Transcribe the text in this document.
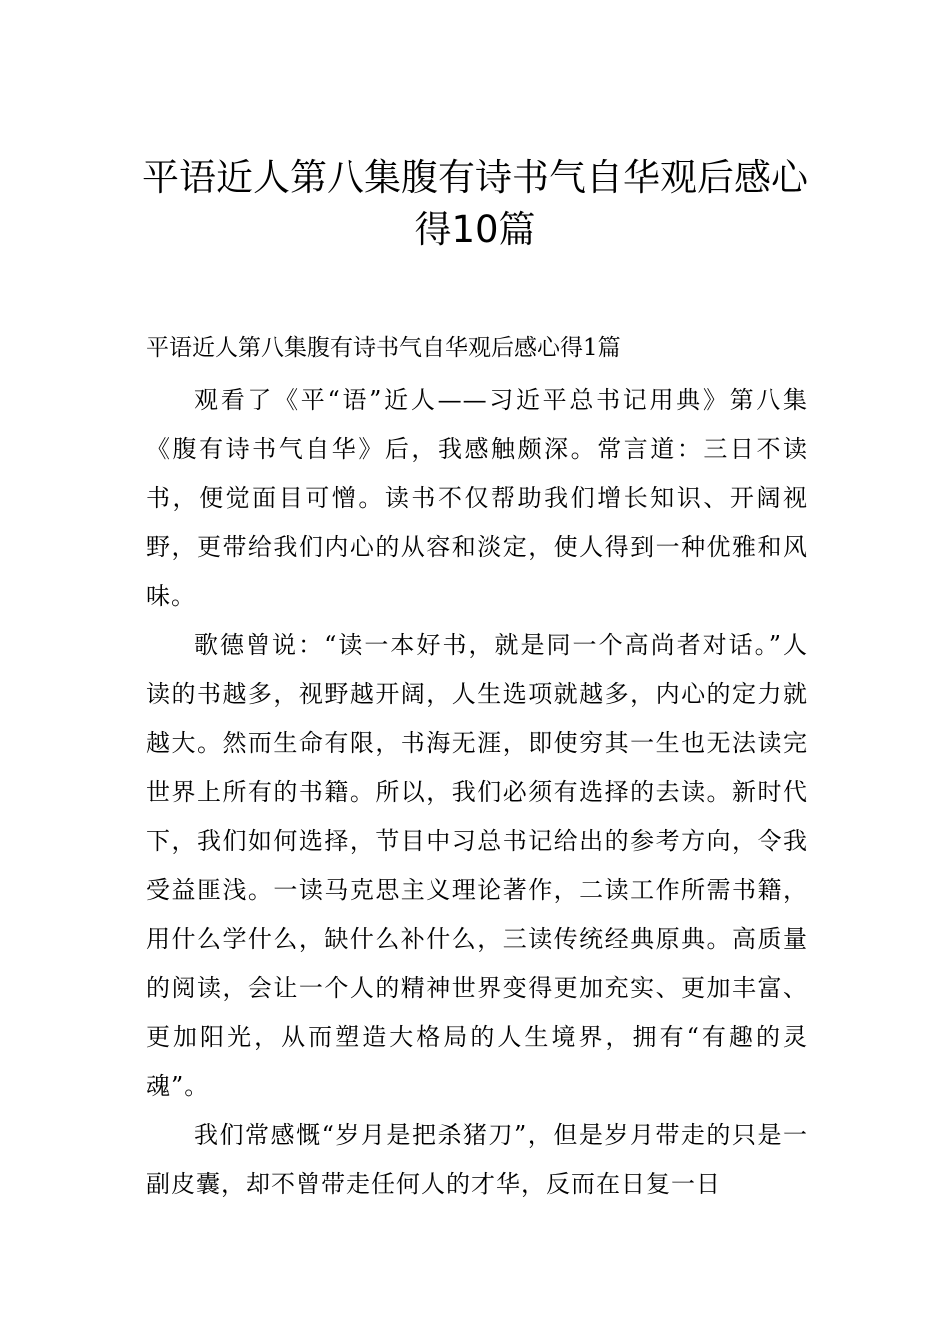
平语近人第八集腹有诗书气自华观后感心得10篇
平语近人第八集腹有诗书气自华观后感心得1篇

观看了《平“语”近人——习近平总书记用典》第八集《腹有诗书气自华》后，我感触颇深。常言道：三日不读书，便觉面目可憎。读书不仅帮助我们增长知识、开阔视野，更带给我们内心的从容和淡定，使人得到一种优雅和风味。

歌德曾说：“读一本好书，就是同一个高尚者对话。”人读的书越多，视野越开阔，人生选项就越多，内心的定力就越大。然而生命有限，书海无涯，即使穷其一生也无法读完世界上所有的书籍。所以，我们必须有选择的去读。新时代下，我们如何选择，节目中习总书记给出的参考方向，令我受益匪浅。一读马克思主义理论著作，二读工作所需书籍，用什么学什么，缺什么补什么，三读传统经典原典。高质量的阅读，会让一个人的精神世界变得更加充实、更加丰富、更加阳光，从而塑造大格局的人生境界，拥有“有趣的灵魂”。

我们常感慨“岁月是把杀猪刀”，但是岁月带走的只是一副皮囊，却不曾带走任何人的才华，反而在日复一日
